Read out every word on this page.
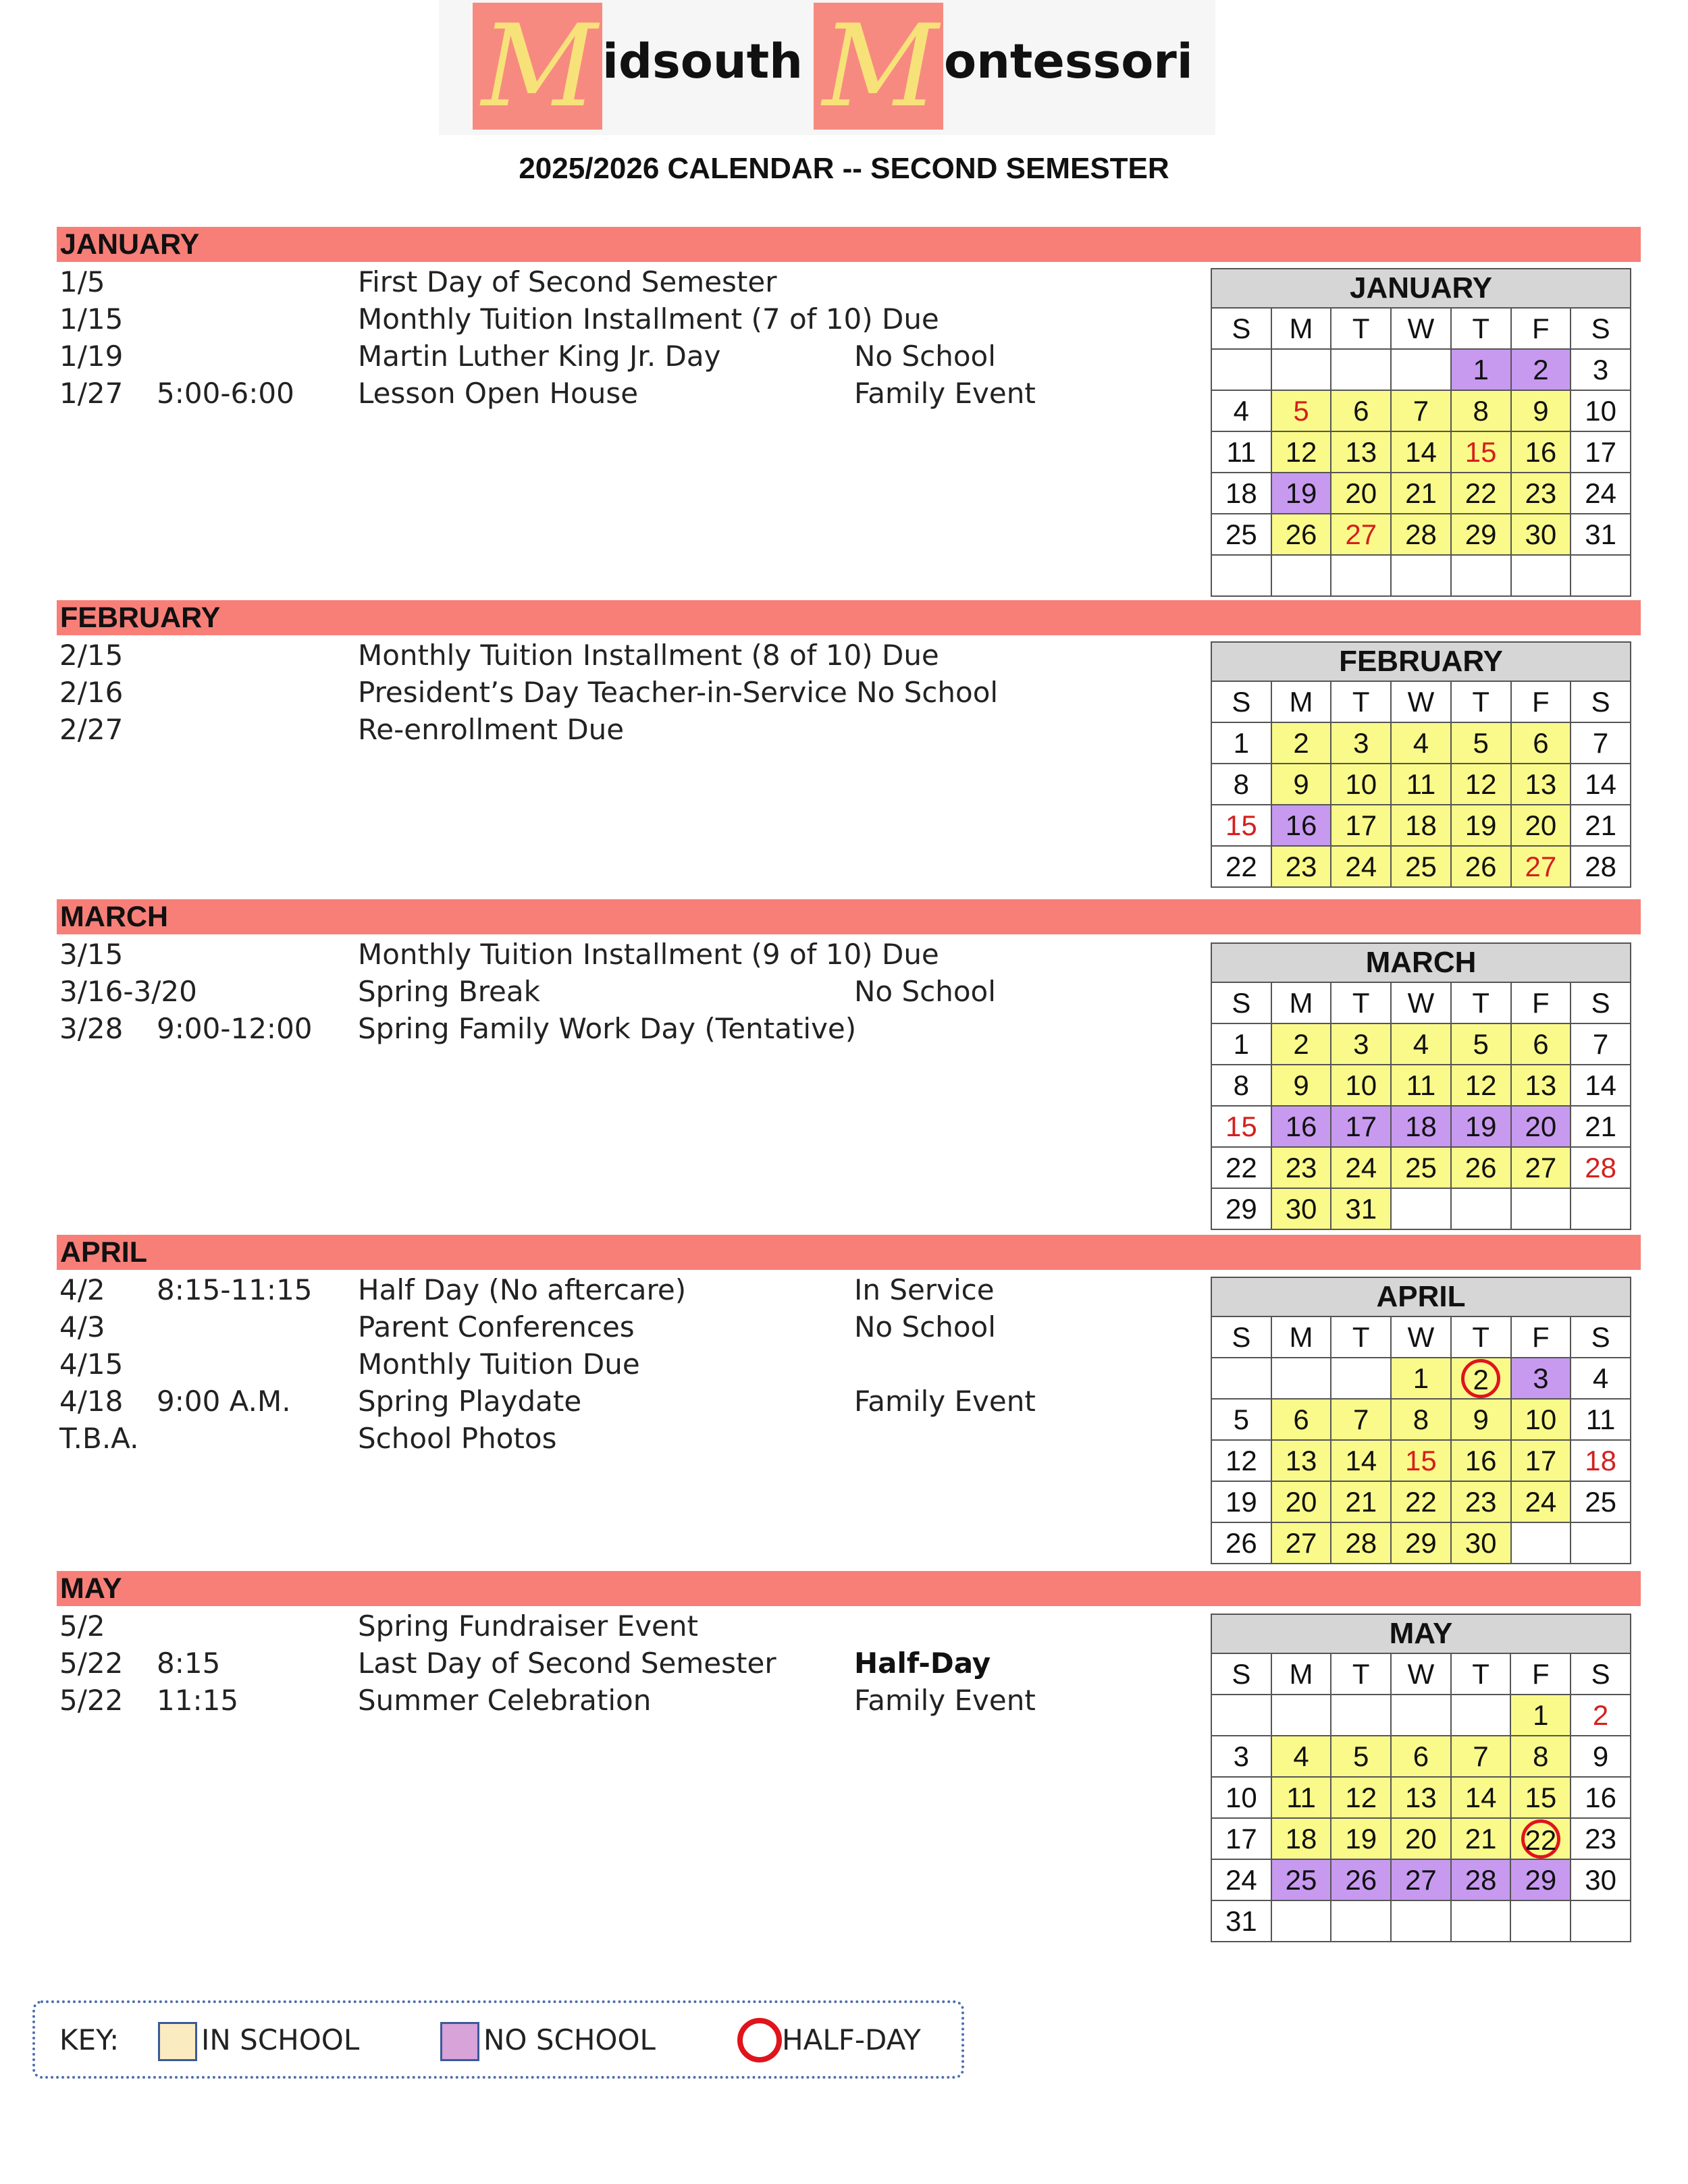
M idsouth M ontessori
2025/2026 CALENDAR -- SECOND SEMESTER
JANUARY
1/5	First Day of Second Semester
1/15	Monthly Tuition Installment (7 of 10) Due
1/19	Martin Luther King Jr. Day	No School
1/27 5:00-6:00 Lesson Open House	Family Event
JANUARY						
S	M	T	W	T	F	S
				1	2	3
4	5	6	7	8	9	10
11	12	13	14	15	16	17
18	19	20	21	22	23	24
25	26	27	28	29	30	31

FEBRUARY
2/15	Monthly Tuition Installment (8 of 10) Due
2/16	President’s Day Teacher-in-Service No School
2/27	Re-enrollment Due
FEBRUARY						
S	M	T	W	T	F	S
1	2	3	4	5	6	7
8	9	10	11	12	13	14
15	16	17	18	19	20	21
22	23	24	25	26	27	28
MARCH
3/15	Monthly Tuition Installment (9 of 10) Due
3/16-3/20	Spring Break	No School
3/28 9:00-12:00 Spring Family Work Day (Tentative)
MARCH						
S	M	T	W	T	F	S
1	2	3	4	5	6	7
8	9	10	11	12	13	14
15	16	17	18	19	20	21
22	23	24	25	26	27	28
29	30	31				
APRIL
4/2 8:15-11:15 Half Day (No aftercare)	In Service
4/3	Parent Conferences	No School
4/15	Monthly Tuition Due
4/18 9:00 A.M. Spring Playdate	Family Event
T.B.A.	School Photos
APRIL						
S	M	T	W	T	F	S
			1	2	3	4
5	6	7	8	9	10	11
12	13	14	15	16	17	18
19	20	21	22	23	24	25
26	27	28	29	30		
MAY
5/2	Spring Fundraiser Event
5/22 8:15	Last Day of Second Semester	Half-Day
5/22 11:15	Summer Celebration	Family Event
MAY						
S	M	T	W	T	F	S
					1	2
3	4	5	6	7	8	9
10	11	12	13	14	15	16
17	18	19	20	21	22	23
24	25	26	27	28	29	30
31						
KEY:	IN SCHOOL	NO SCHOOL	HALF-DAY
